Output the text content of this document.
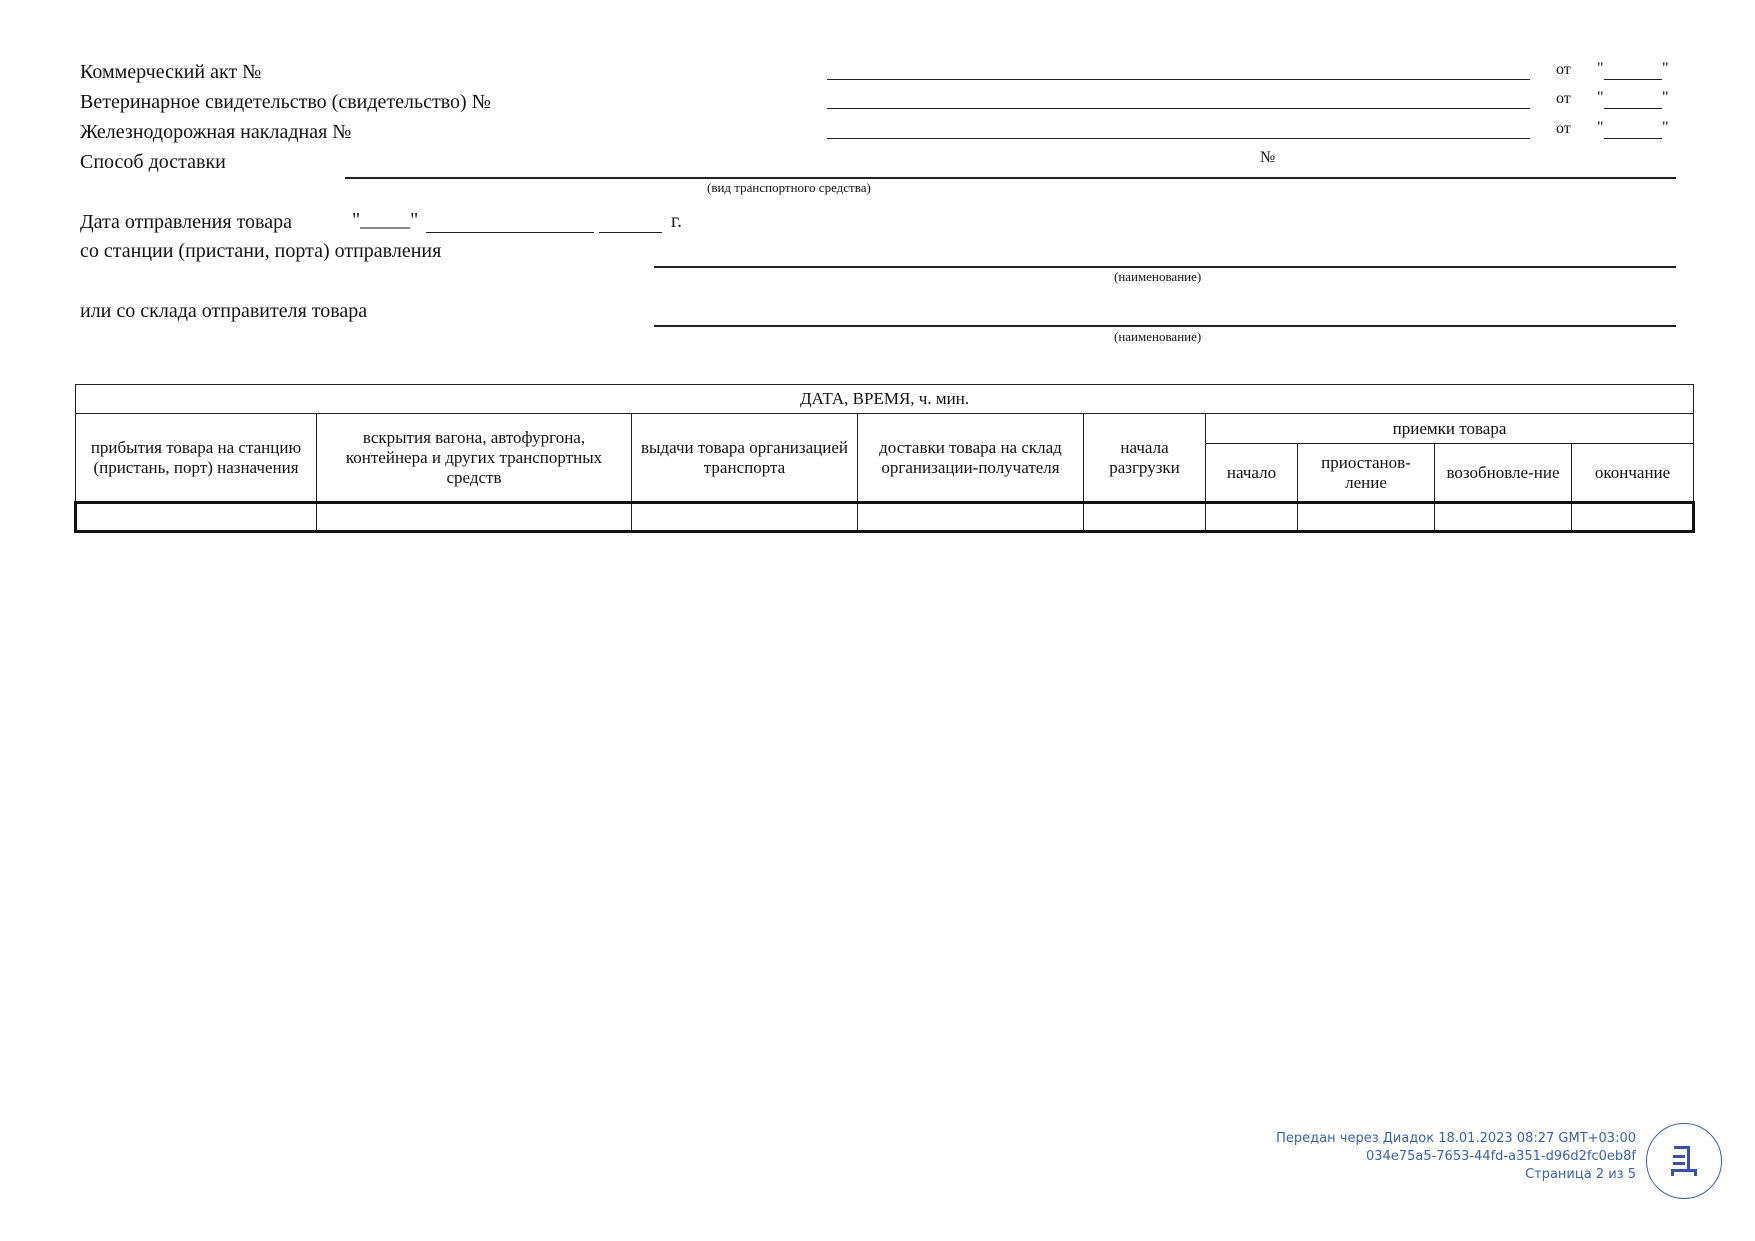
Коммерческий акт №	от "	"
Ветеринарное свидетельство (свидетельство) №	от "	"
Железнодорожная накладная №	от "	"
Способ доставки	№
(вид транспортного средства)
Дата отправления товара	"_____"	г.
со станции (пристани, порта) отправления
(наименование)
или со склада отправителя товара
(наименование)
ДАТА, ВРЕМЯ, ч. мин.								
прибытия товара на станцию (пристань, порт) назначения	вскрытия вагона, автофургона, контейнера и других транспортных средств	выдачи товара организацией транспорта	доставки товара на склад организации-получателя	начала разгрузки	приемки товара			
					начало	приостанов-ление	возобновле-ние	окончание

Передан через Диадок 18.01.2023 08:27 GMT+03:00
034e75a5-7653-44fd-a351-d96d2fc0eb8f
Страница 2 из 5
